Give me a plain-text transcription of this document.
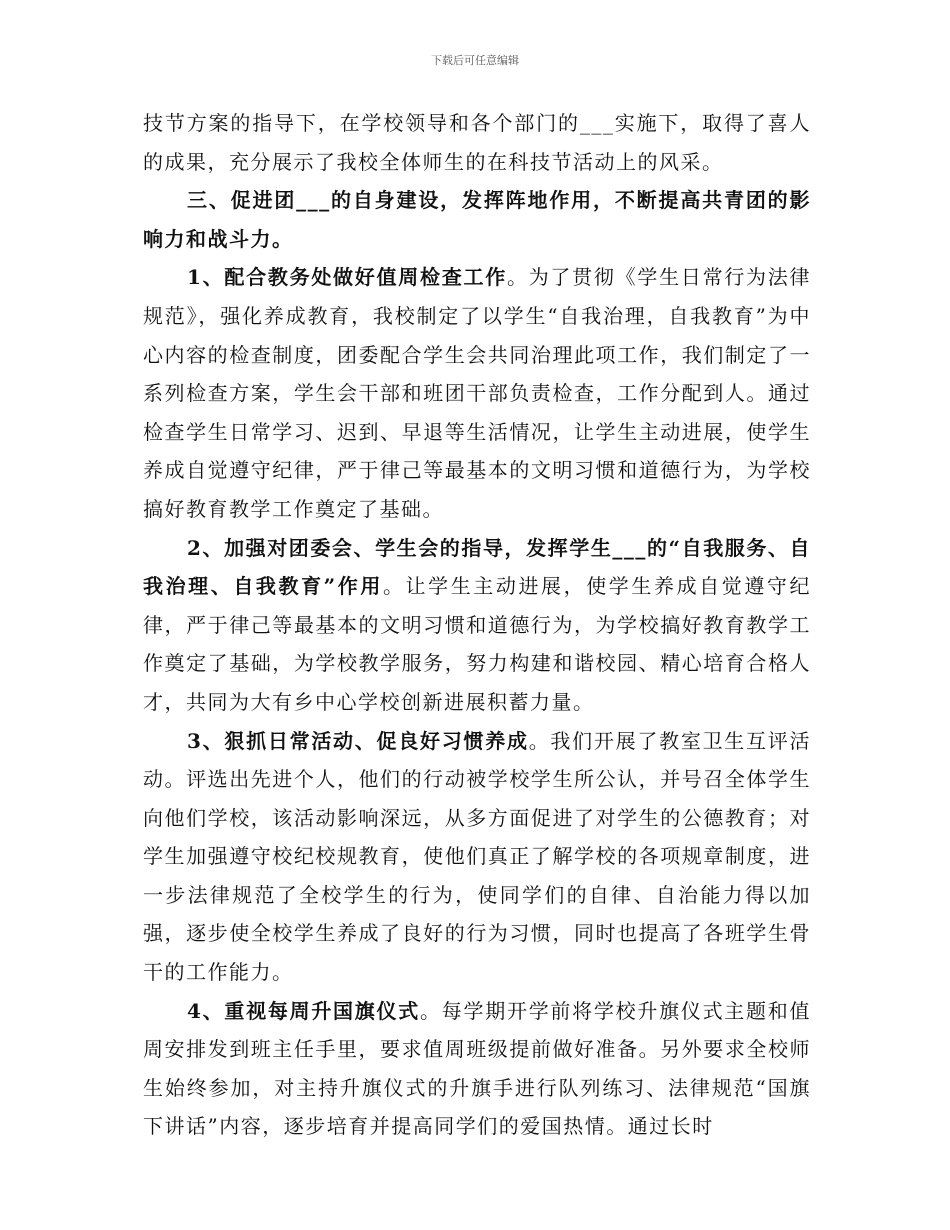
下载后可任意编辑

技节方案的指导下，在学校领导和各个部门的___实施下，取得了喜人的成果，充分展示了我校全体师生的在科技节活动上的风采。

三、促进团___的自身建设，发挥阵地作用，不断提高共青团的影响力和战斗力。

1、配合教务处做好值周检查工作。为了贯彻《学生日常行为法律规范》，强化养成教育，我校制定了以学生“自我治理，自我教育”为中心内容的检查制度，团委配合学生会共同治理此项工作，我们制定了一系列检查方案，学生会干部和班团干部负责检查，工作分配到人。通过检查学生日常学习、迟到、早退等生活情况，让学生主动进展，使学生养成自觉遵守纪律，严于律己等最基本的文明习惯和道德行为，为学校搞好教育教学工作奠定了基础。

2、加强对团委会、学生会的指导，发挥学生___的“自我服务、自我治理、自我教育”作用。让学生主动进展，使学生养成自觉遵守纪律，严于律己等最基本的文明习惯和道德行为，为学校搞好教育教学工作奠定了基础，为学校教学服务，努力构建和谐校园、精心培育合格人才，共同为大有乡中心学校创新进展积蓄力量。

3、狠抓日常活动、促良好习惯养成。我们开展了教室卫生互评活动。评选出先进个人，他们的行动被学校学生所公认，并号召全体学生向他们学校，该活动影响深远，从多方面促进了对学生的公德教育；对学生加强遵守校纪校规教育，使他们真正了解学校的各项规章制度，进一步法律规范了全校学生的行为，使同学们的自律、自治能力得以加强，逐步使全校学生养成了良好的行为习惯，同时也提高了各班学生骨干的工作能力。

4、重视每周升国旗仪式。每学期开学前将学校升旗仪式主题和值周安排发到班主任手里，要求值周班级提前做好准备。另外要求全校师生始终参加，对主持升旗仪式的升旗手进行队列练习、法律规范“国旗下讲话”内容，逐步培育并提高同学们的爱国热情。通过长时
